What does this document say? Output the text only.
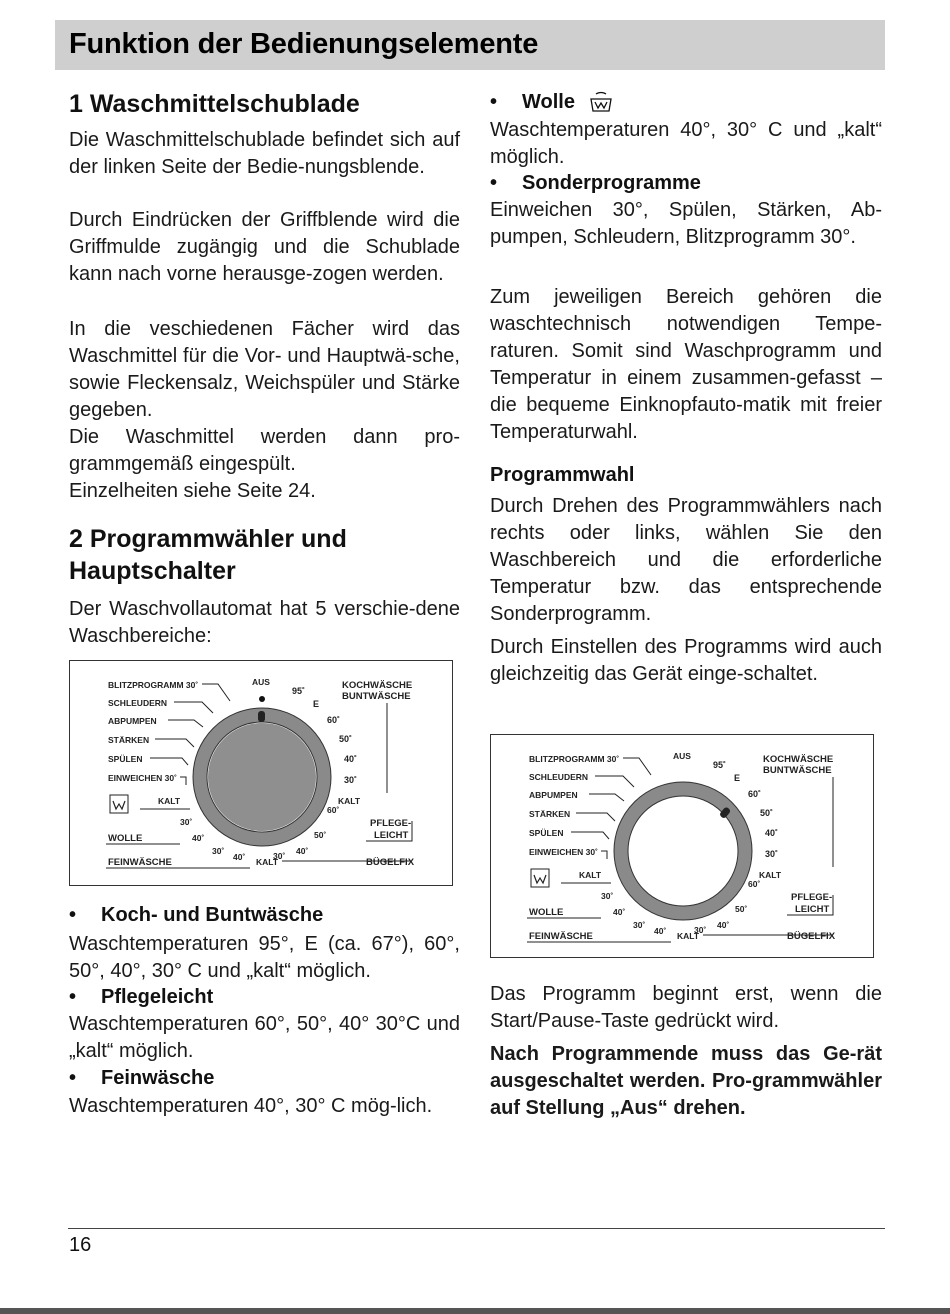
Funktion der Bedienungselemente
1 Waschmittelschublade

Die Waschmittelschublade befindet sich auf der linken Seite der Bedie-nungsblende.

Durch Eindrücken der Griffblende wird die Griffmulde zugängig und die Schublade kann nach vorne herausge-zogen werden.

In die veschiedenen Fächer wird das Waschmittel für die Vor- und Hauptwä-sche, sowie Fleckensalz, Weichspüler und Stärke gegeben.

Die Waschmittel werden dann pro-grammgemäß eingespült.

Einzelheiten siehe Seite 24.

2 Programmwähler und
Hauptschalter

Der Waschvollautomat hat 5 verschie-dene Waschbereiche:

BLITZPROGRAMM 30˚
SCHLEUDERN
ABPUMPEN
STÄRKEN
SPÜLEN
EINWEICHEN 30˚
AUS
95˚
E
60˚
50˚
40˚
30˚
KALT
KOCHWÄSCHE
BUNTWÄSCHE
60˚
50˚
40˚
30˚
PFLEGE-
LEICHT
KALT
30˚
40˚
WOLLE
30˚
40˚ KALT
FEINWÄSCHE	BÜGELFIX
• Koch- und Buntwäsche

Waschtemperaturen 95°, E (ca. 67°), 60°, 50°, 40°, 30° C und „kalt“ möglich.

• Pflegeleicht

Waschtemperaturen 60°, 50°, 40° 30°C und „kalt“ möglich.

• Feinwäsche

Waschtemperaturen 40°, 30° C mög-lich.

• Wolle

Waschtemperaturen 40°, 30° C und „kalt“ möglich.

• Sonderprogramme

Einweichen 30°, Spülen, Stärken, Ab-pumpen, Schleudern, Blitzprogramm 30°.

Zum jeweiligen Bereich gehören die waschtechnisch notwendigen Tempe-raturen. Somit sind Waschprogramm und Temperatur in einem zusammen-gefasst – die bequeme Einknopfauto-matik mit freier Temperaturwahl.

Programmwahl

Durch Drehen des Programmwählers nach rechts oder links, wählen Sie den Waschbereich und die erforderliche Temperatur bzw. das entsprechende Sonderprogramm.

Durch Einstellen des Programms wird auch gleichzeitig das Gerät einge-schaltet.

BLITZPROGRAMM 30˚
SCHLEUDERN
ABPUMPEN
STÄRKEN
SPÜLEN
EINWEICHEN 30˚
AUS
95˚
E
60˚
50˚
40˚
30˚
KALT
KOCHWÄSCHE
BUNTWÄSCHE
60˚
50˚
40˚
30˚
PFLEGE-
LEICHT
KALT
30˚
40˚
WOLLE
30˚
40˚ KALT
FEINWÄSCHE	BÜGELFIX

Das Programm beginnt erst, wenn die Start/Pause-Taste gedrückt wird.

Nach Programmende muss das Ge-rät ausgeschaltet werden. Pro-grammwähler auf Stellung „Aus“ drehen.

16
